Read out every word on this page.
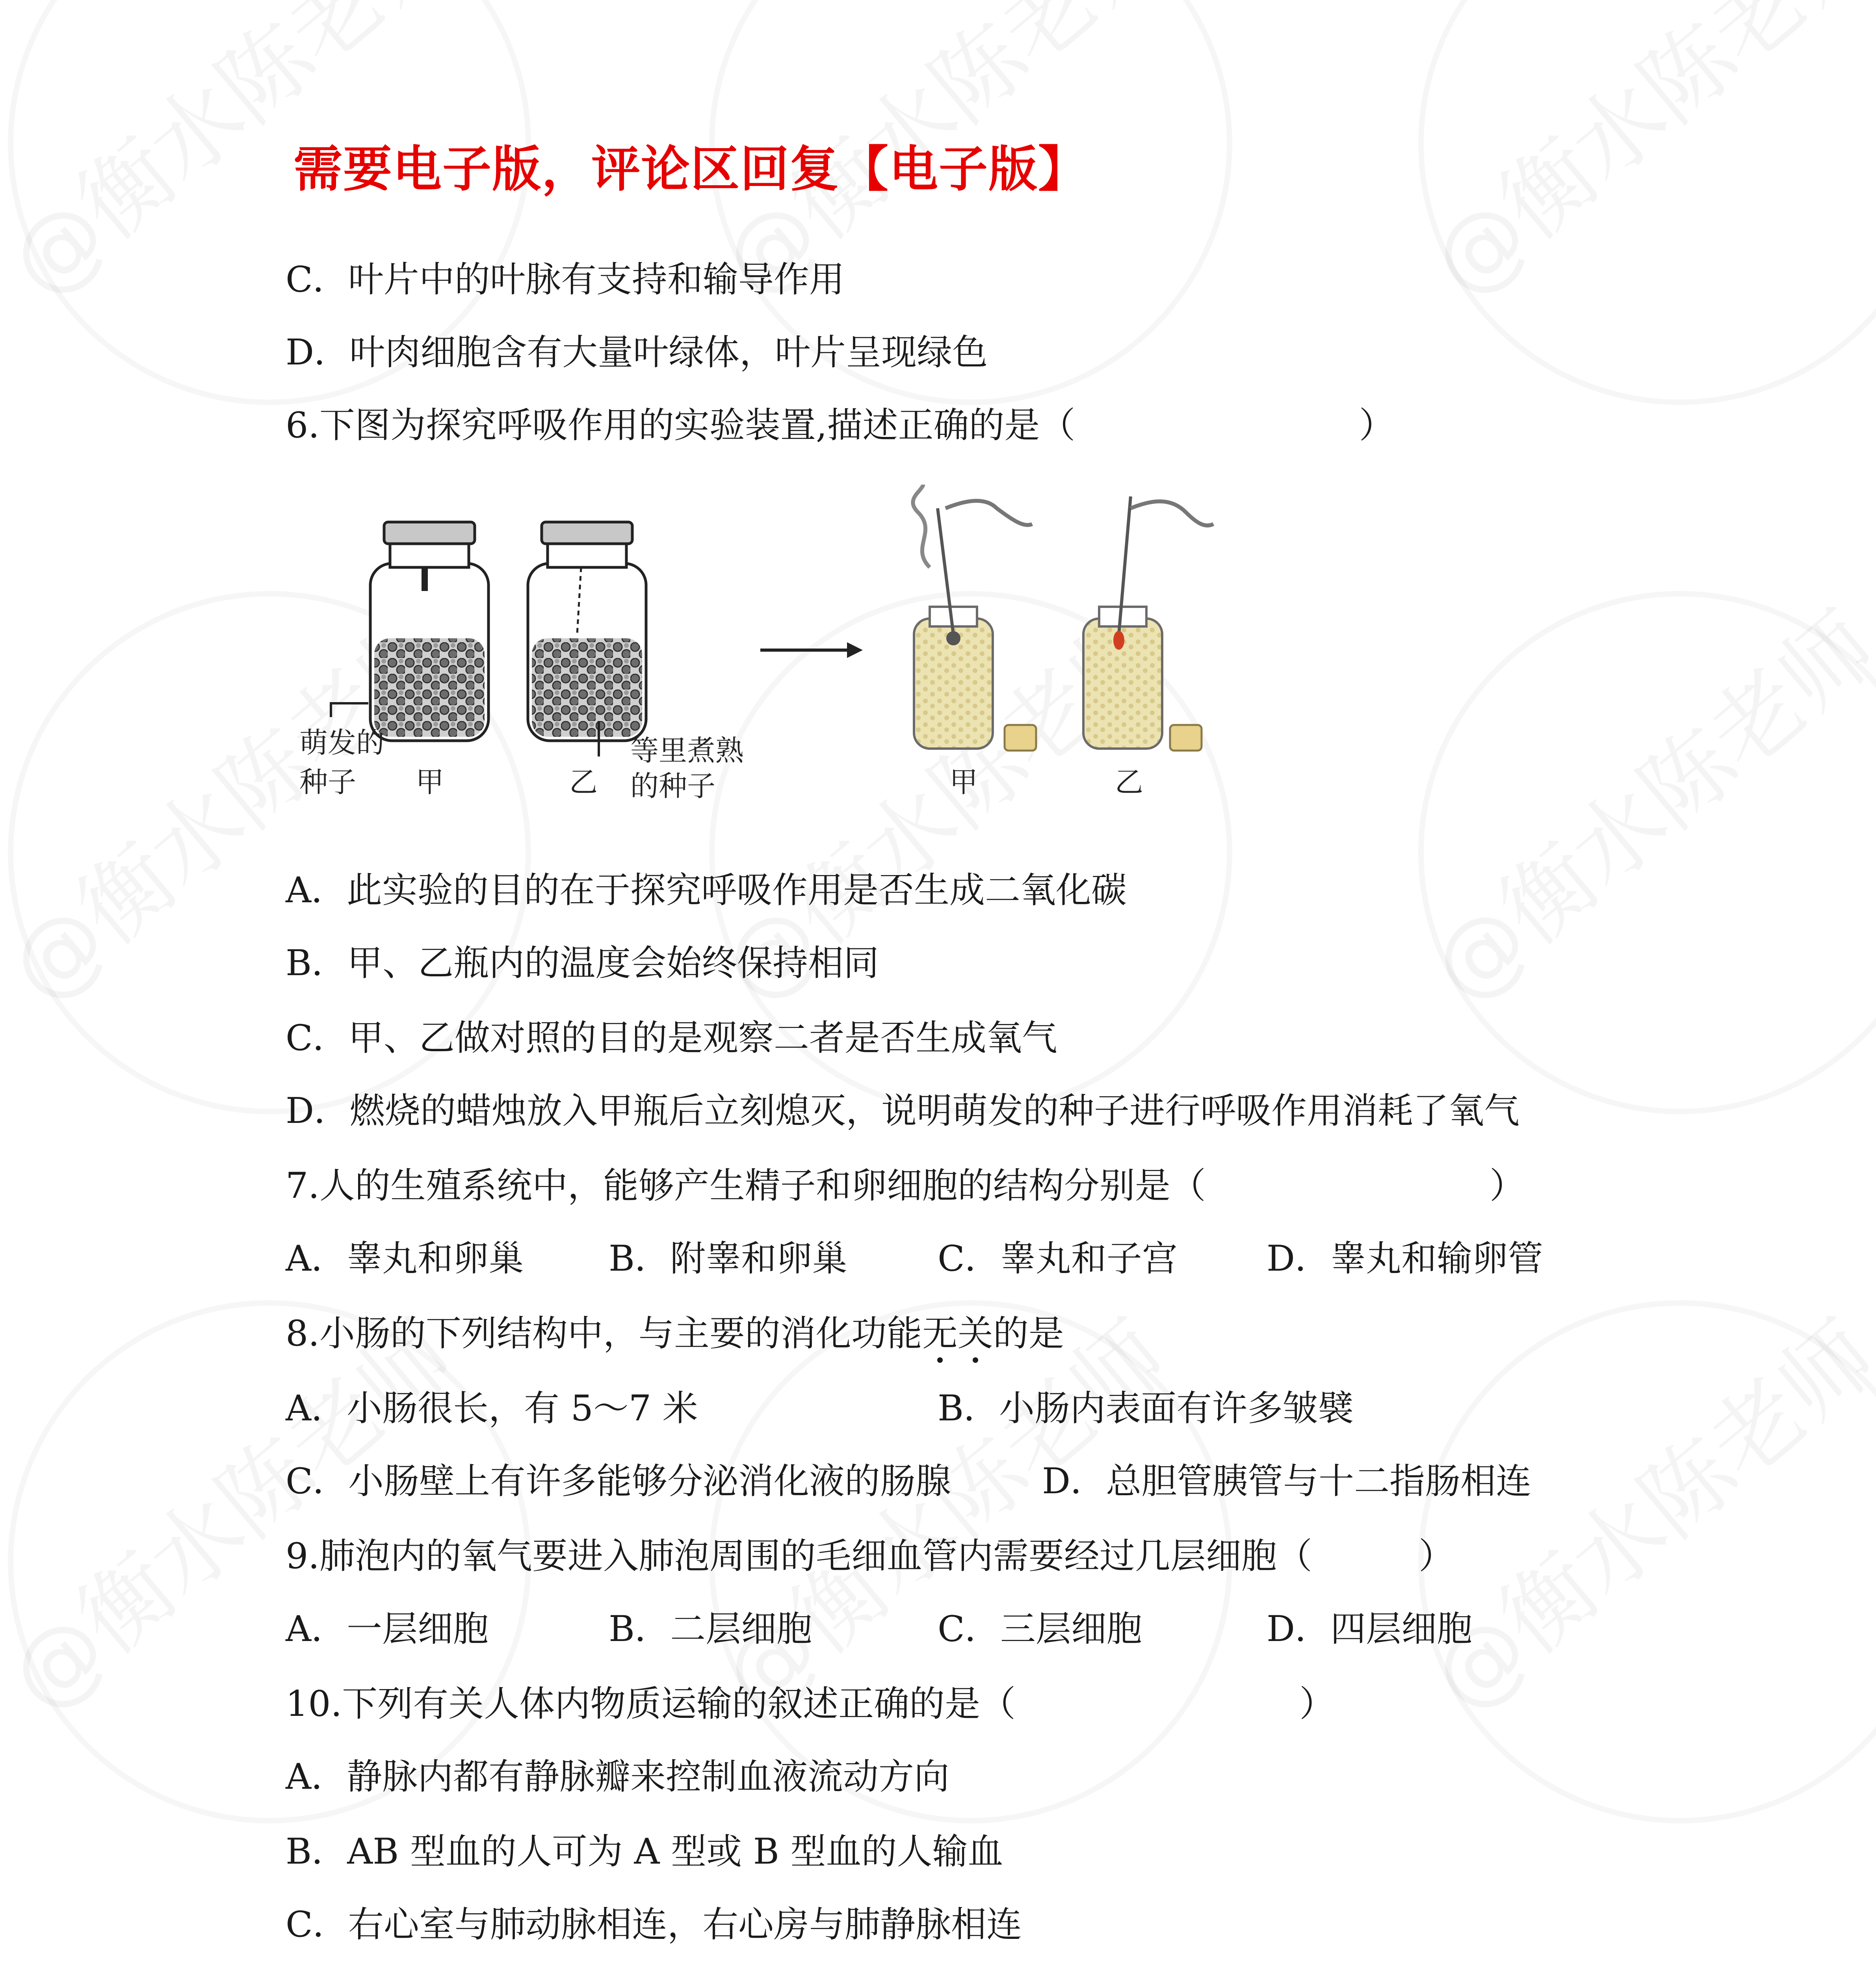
需要电子版，评论区回复【电子版】
C．叶片中的叶脉有支持和输导作用
D．叶肉细胞含有大量叶绿体，叶片呈现绿色
6.下图为探究呼吸作用的实验装置,描述正确的是（　　　　　　　　）
萌发的
种子 甲	乙
等里煮熟
的种子	甲	乙
A．此实验的目的在于探究呼吸作用是否生成二氧化碳
B．甲、乙瓶内的温度会始终保持相同
C．甲、乙做对照的目的是观察二者是否生成氧气
D．燃烧的蜡烛放入甲瓶后立刻熄灭，说明萌发的种子进行呼吸作用消耗了氧气
7.人的生殖系统中，能够产生精子和卵细胞的结构分别是（　　　　　　　　）
A．睾丸和卵巢 B．附睾和卵巢	C．睾丸和子宫	D．睾丸和输卵管
8.小肠的下列结构中，与主要的消化功能无关的是
A．小肠很长，有 5〜7 米	B．小肠内表面有许多皱襞
C．小肠壁上有许多能够分泌消化液的肠腺	D．总胆管胰管与十二指肠相连
9.肺泡内的氧气要进入肺泡周围的毛细血管内需要经过几层细胞（　　　）
A．一层细胞	B．二层细胞	C．三层细胞	D．四层细胞
10.下列有关人体内物质运输的叙述正确的是（　　　　　　　　）
A．静脉内都有静脉瓣来控制血液流动方向
B．AB 型血的人可为 A 型或 B 型血的人输血
C．右心室与肺动脉相连，右心房与肺静脉相连
